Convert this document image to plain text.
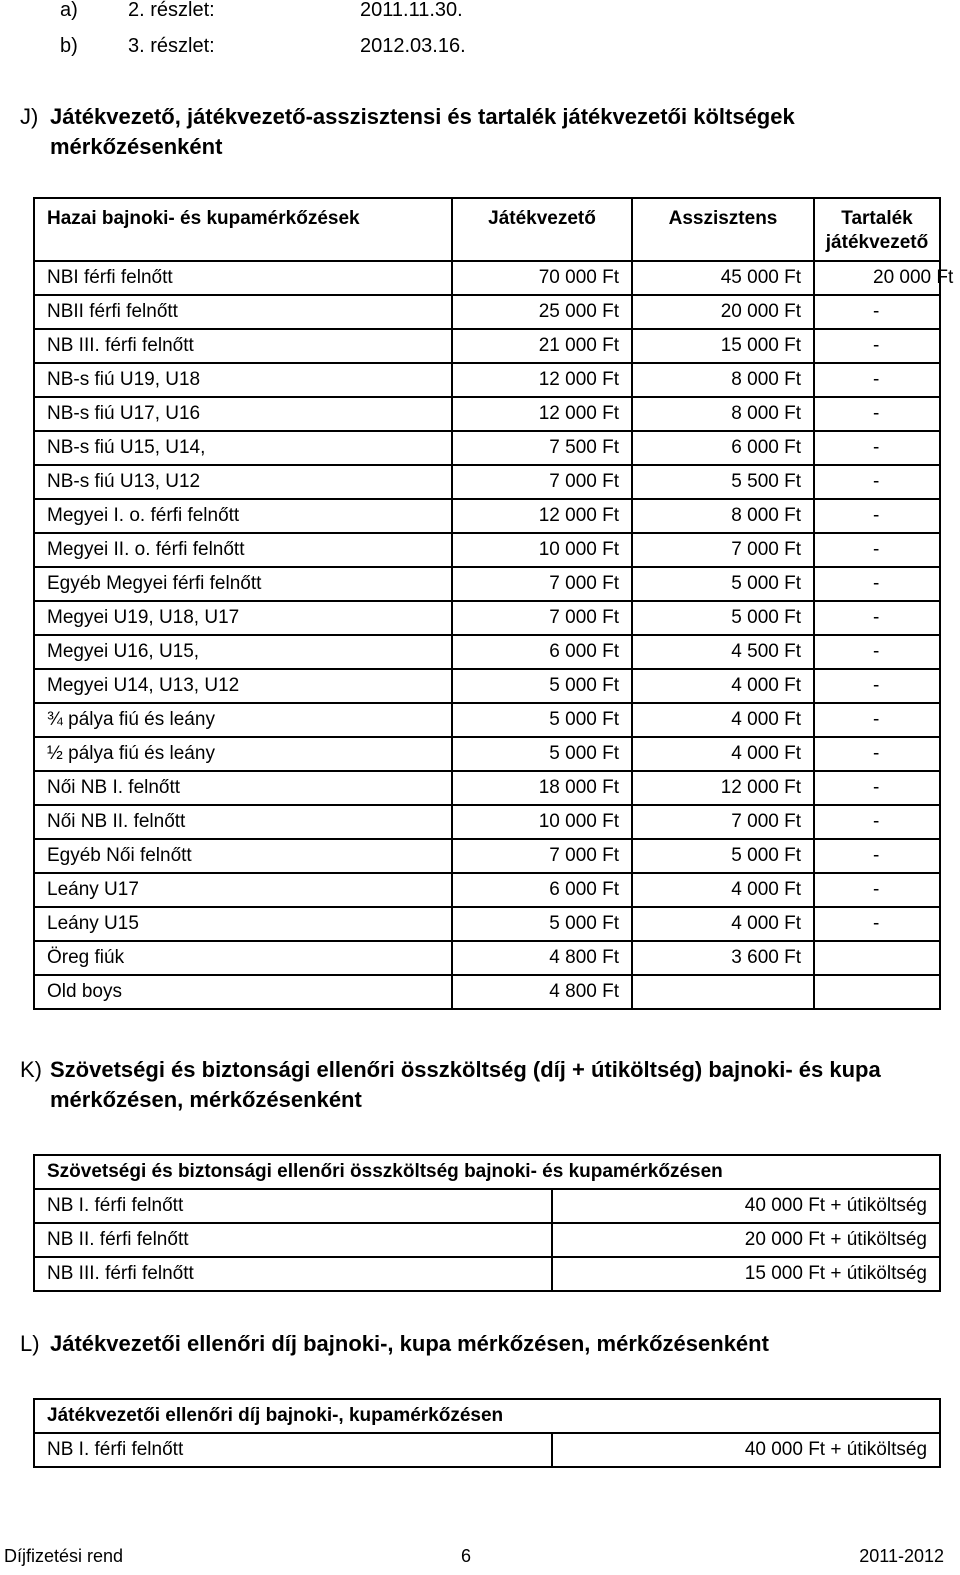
a)	2. részlet:	2011.11.30.
b)	3. részlet:	2012.03.16.
J) Játékvezető, játékvezető-asszisztensi és tartalék játékvezetői költségek mérkőzésenként
Hazai bajnoki- és kupamérkőzések	Játékvezető	Asszisztens	Tartalék játékvezető
NBI férfi felnőtt	70 000 Ft	45 000 Ft	20 000 Ft
NBII férfi felnőtt	25 000 Ft	20 000 Ft	-
NB III. férfi felnőtt	21 000 Ft	15 000 Ft	-
NB-s fiú U19, U18	12 000 Ft	8 000 Ft	-
NB-s fiú U17, U16	12 000 Ft	8 000 Ft	-
NB-s fiú U15, U14,	7 500 Ft	6 000 Ft	-
NB-s fiú U13, U12	7 000 Ft	5 500 Ft	-
Megyei I. o. férfi felnőtt	12 000 Ft	8 000 Ft	-
Megyei II. o. férfi felnőtt	10 000 Ft	7 000 Ft	-
Egyéb Megyei férfi felnőtt	7 000 Ft	5 000 Ft	-
Megyei U19, U18, U17	7 000 Ft	5 000 Ft	-
Megyei U16, U15,	6 000 Ft	4 500 Ft	-
Megyei U14, U13, U12	5 000 Ft	4 000 Ft	-
¾ pálya fiú és leány	5 000 Ft	4 000 Ft	-
½ pálya fiú és leány	5 000 Ft	4 000 Ft	-
Női NB I. felnőtt	18 000 Ft	12 000 Ft	-
Női NB II. felnőtt	10 000 Ft	7 000 Ft	-
Egyéb Női felnőtt	7 000 Ft	5 000 Ft	-
Leány U17	6 000 Ft	4 000 Ft	-
Leány U15	5 000 Ft	4 000 Ft	-
Öreg fiúk	4 800 Ft	3 600 Ft	
Old boys	4 800 Ft		
K) Szövetségi és biztonsági ellenőri összköltség (díj + útiköltség) bajnoki- és kupa mérkőzésen, mérkőzésenként
Szövetségi és biztonsági ellenőri összköltség bajnoki- és kupamérkőzésen	
NB I. férfi felnőtt	40 000 Ft + útiköltség
NB II. férfi felnőtt	20 000 Ft + útiköltség
NB III. férfi felnőtt	15 000 Ft + útiköltség
L) Játékvezetői ellenőri díj bajnoki-, kupa mérkőzésen, mérkőzésenként
Játékvezetői ellenőri díj bajnoki-, kupamérkőzésen
NB I. férfi felnőtt	40 000 Ft + útiköltség
Díjfizetési rend	6	2011-2012
